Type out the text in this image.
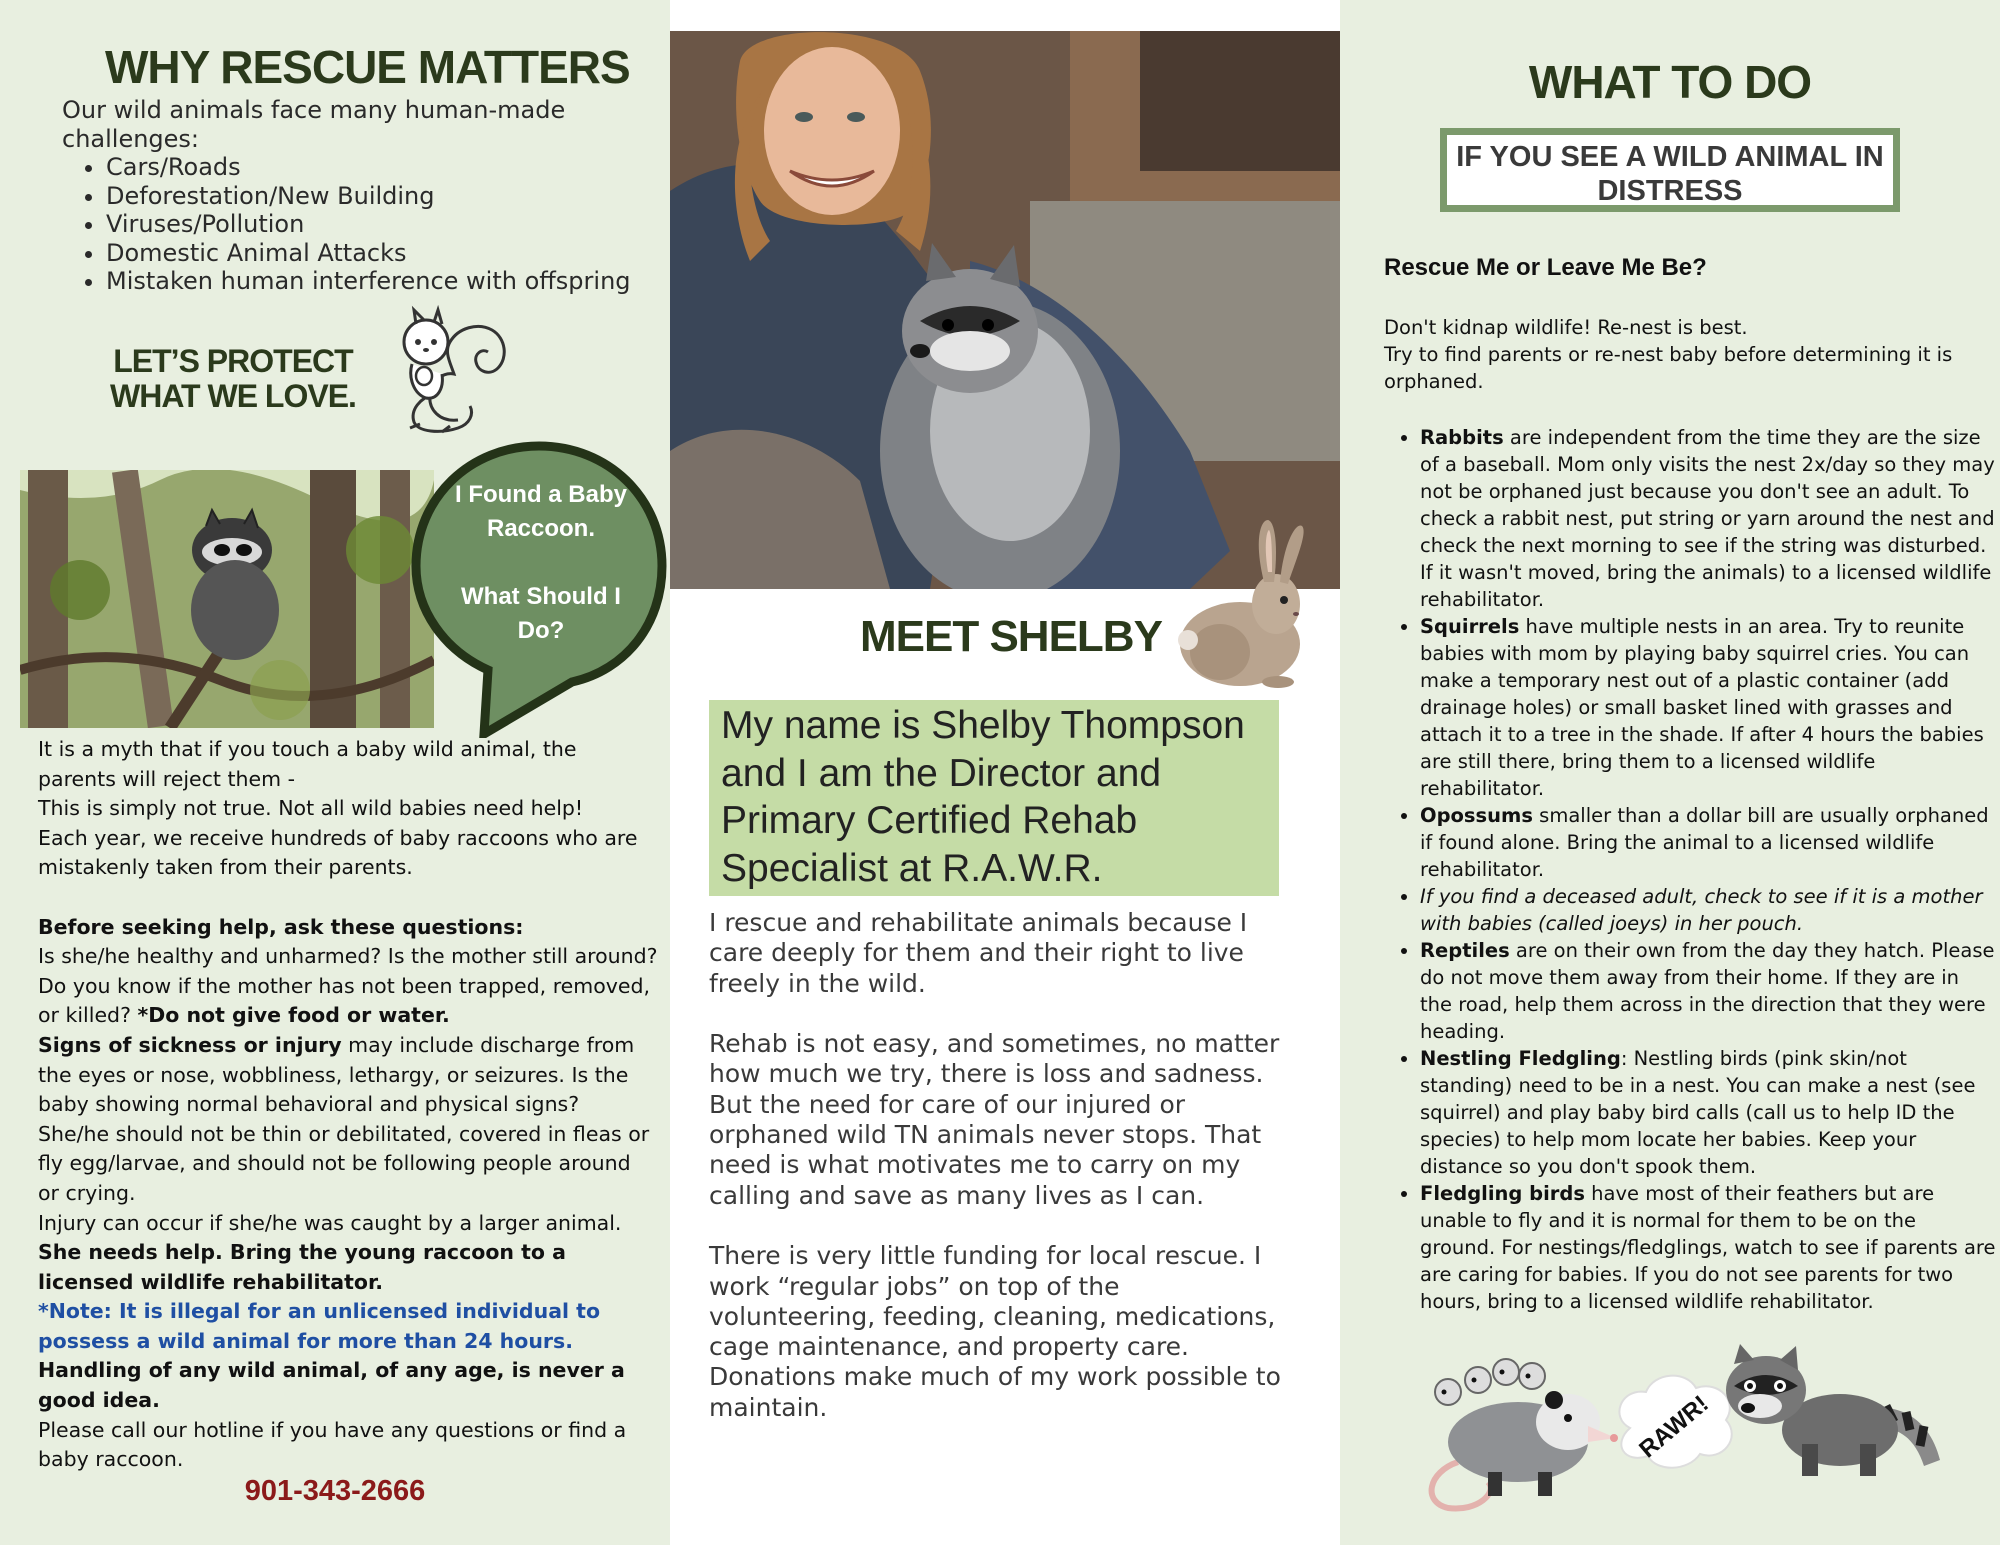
WHY RESCUE MATTERS
Our wild animals face many human-made challenges:
• Cars/Roads
• Deforestation/New Building
• Viruses/Pollution
• Domestic Animal Attacks
• Mistaken human interference with offspring
LET’S PROTECT
WHAT WE LOVE.
I Found a Baby Raccoon.
What Should I Do?

It is a myth that if you touch a baby wild animal, the parents will reject them -

This is simply not true. Not all wild babies need help!

Each year, we receive hundreds of baby raccoons who are mistakenly taken from their parents.

Before seeking help, ask these questions:

Is she/he healthy and unharmed? Is the mother still around? Do you know if the mother has not been trapped, removed, or killed? *Do not give food or water.

Signs of sickness or injury may include discharge from the eyes or nose, wobbliness, lethargy, or seizures. Is the baby showing normal behavioral and physical signs?

She/he should not be thin or debilitated, covered in fleas or fly egg/larvae, and should not be following people around or crying.

Injury can occur if she/he was caught by a larger animal.

She needs help. Bring the young raccoon to a licensed wildlife rehabilitator.

*Note: It is illegal for an unlicensed individual to possess a wild animal for more than 24 hours.

Handling of any wild animal, of any age, is never a good idea.

Please call our hotline if you have any questions or find a baby raccoon.

901-343-2666
MEET SHELBY
My name is Shelby Thompson and I am the Director and Primary Certified Rehab Specialist at R.A.W.R.

I rescue and rehabilitate animals because I care deeply for them and their right to live freely in the wild.

Rehab is not easy, and sometimes, no matter how much we try, there is loss and sadness. But the need for care of our injured or orphaned wild TN animals never stops. That need is what motivates me to carry on my calling and save as many lives as I can.

There is very little funding for local rescue. I work “regular jobs” on top of the volunteering, feeding, cleaning, medications, cage maintenance, and property care.

Donations make much of my work possible to maintain.

WHAT TO DO
IF YOU SEE A WILD ANIMAL IN DISTRESS
Rescue Me or Leave Me Be?

Don't kidnap wildlife! Re-nest is best.

Try to find parents or re-nest baby before determining it is orphaned.

• Rabbits are independent from the time they are the size of a baseball. Mom only visits the nest 2x/day so they may not be orphaned just because you don't see an adult. To check a rabbit nest, put string or yarn around the nest and check the next morning to see if the string was disturbed. If it wasn't moved, bring the animals) to a licensed wildlife rehabilitator.
• Squirrels have multiple nests in an area. Try to reunite babies with mom by playing baby squirrel cries. You can make a temporary nest out of a plastic container (add drainage holes) or small basket lined with grasses and attach it to a tree in the shade. If after 4 hours the babies are still there, bring them to a licensed wildlife rehabilitator.
• Opossums smaller than a dollar bill are usually orphaned if found alone. Bring the animal to a licensed wildlife rehabilitator.
• If you find a deceased adult, check to see if it is a mother with babies (called joeys) in her pouch.
• Reptiles are on their own from the day they hatch. Please do not move them away from their home. If they are in the road, help them across in the direction that they were heading.
• Nestling Fledgling: Nestling birds (pink skin/not standing) need to be in a nest. You can make a nest (see squirrel) and play baby bird calls (call us to help ID the species) to help mom locate her babies. Keep your distance so you don't spook them.
• Fledgling birds have most of their feathers but are unable to fly and it is normal for them to be on the ground. For nestings/fledglings, watch to see if parents are are caring for babies. If you do not see parents for two hours, bring to a licensed wildlife rehabilitator.
RAWR!
